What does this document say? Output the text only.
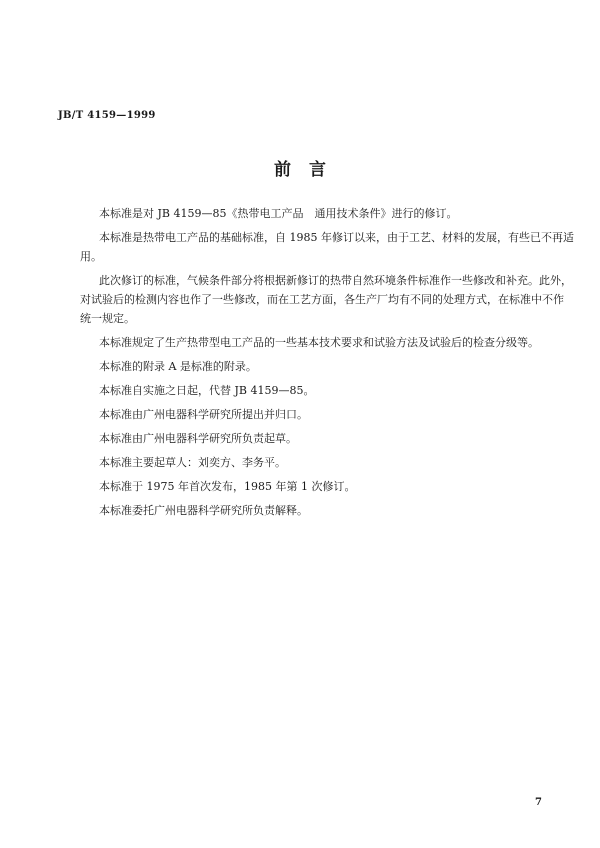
JB/T 4159—1999
前言
本标准是对 JB 4159—85《热带电工产品　通用技术条件》进行的修订。
本标准是热带电工产品的基础标准，自 1985 年修订以来，由于工艺、材料的发展，有些已不再适
用。
此次修订的标准，气候条件部分将根据新修订的热带自然环境条件标准作一些修改和补充。此外，
对试验后的检测内容也作了一些修改，而在工艺方面，各生产厂均有不同的处理方式，在标准中不作
统一规定。
本标准规定了生产热带型电工产品的一些基本技术要求和试验方法及试验后的检查分级等。
本标准的附录 A 是标准的附录。
本标准自实施之日起，代替 JB 4159—85。
本标准由广州电器科学研究所提出并归口。
本标准由广州电器科学研究所负责起草。
本标准主要起草人：刘奕方、李务平。
本标准于 1975 年首次发布，1985 年第 1 次修订。
本标准委托广州电器科学研究所负责解释。
7
